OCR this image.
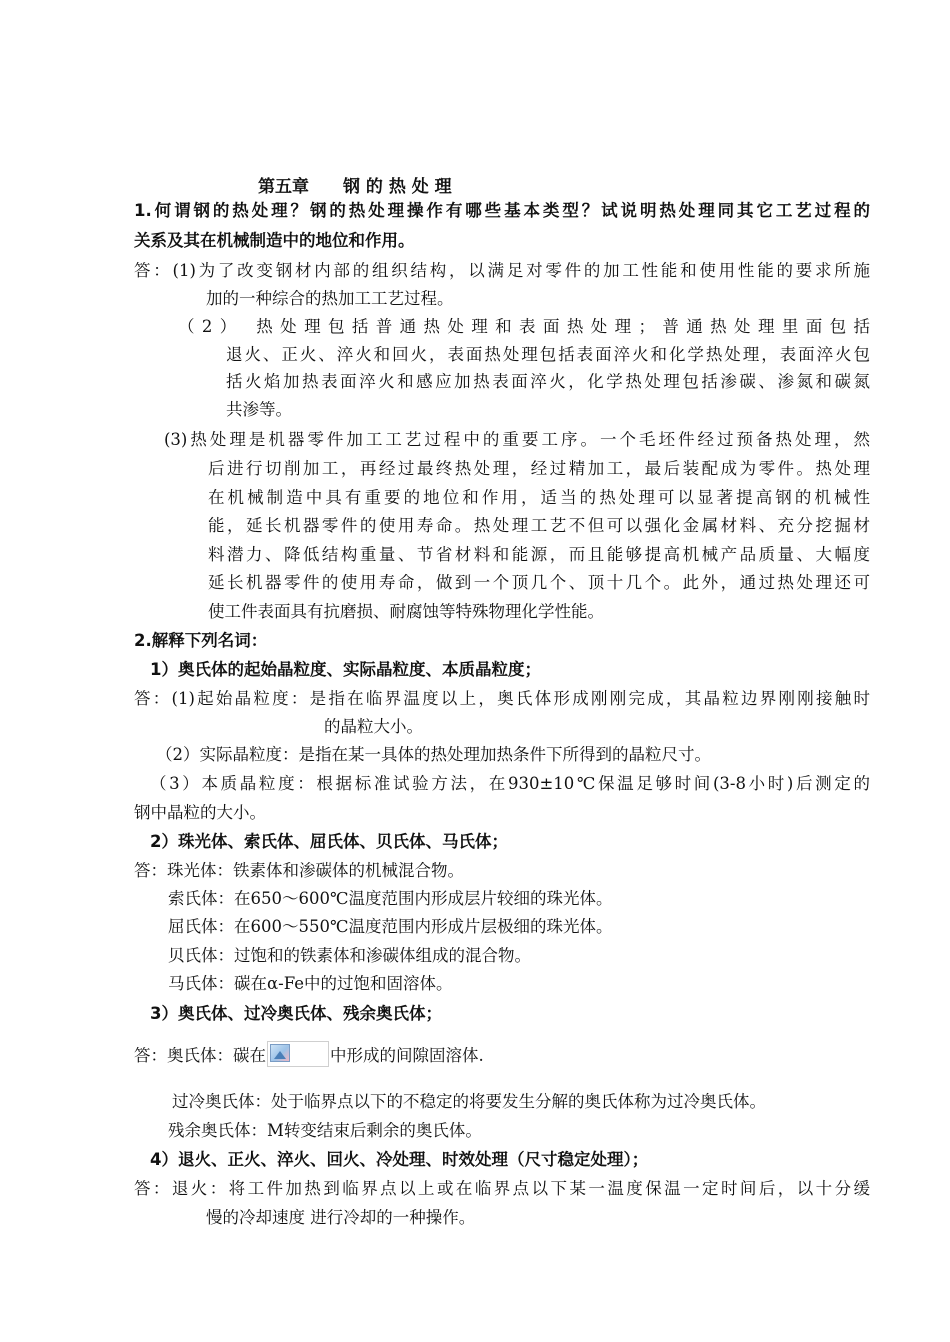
第五章 钢 的 热 处 理
1.何谓钢的热处理？钢的热处理操作有哪些基本类型？试说明热处理同其它工艺过程的
关系及其在机械制造中的地位和作用。
答：(1)为了改变钢材内部的组织结构，以满足对零件的加工性能和使用性能的要求所施
加的一种综合的热加工工艺过程。
（2） 热处理包括普通热处理和表面热处理；普通热处理里面包括
退火、正火、淬火和回火，表面热处理包括表面淬火和化学热处理，表面淬火包
括火焰加热表面淬火和感应加热表面淬火，化学热处理包括渗碳、渗氮和碳氮
共渗等。
(3)热处理是机器零件加工工艺过程中的重要工序。一个毛坯件经过预备热处理，然
后进行切削加工，再经过最终热处理，经过精加工，最后装配成为零件。热处理
在机械制造中具有重要的地位和作用，适当的热处理可以显著提高钢的机械性
能，延长机器零件的使用寿命。热处理工艺不但可以强化金属材料、充分挖掘材
料潜力、降低结构重量、节省材料和能源，而且能够提高机械产品质量、大幅度
延长机器零件的使用寿命，做到一个顶几个、顶十几个。此外，通过热处理还可
使工件表面具有抗磨损、耐腐蚀等特殊物理化学性能。
2.解释下列名词：
1）奥氏体的起始晶粒度、实际晶粒度、本质晶粒度；
答：(1)起始晶粒度：是指在临界温度以上，奥氏体形成刚刚完成，其晶粒边界刚刚接触时
的晶粒大小。
（2）实际晶粒度：是指在某一具体的热处理加热条件下所得到的晶粒尺寸。
（3）本质晶粒度：根据标准试验方法，在930±10℃保温足够时间(3-8小时)后测定的
钢中晶粒的大小。
2）珠光体、索氏体、屈氏体、贝氏体、马氏体；
答：珠光体：铁素体和渗碳体的机械混合物。
索氏体：在650～600℃温度范围内形成层片较细的珠光体。
屈氏体：在600～550℃温度范围内形成片层极细的珠光体。
贝氏体：过饱和的铁素体和渗碳体组成的混合物。
马氏体：碳在α-Fe中的过饱和固溶体。
3）奥氏体、过冷奥氏体、残余奥氏体；
答：奥氏体：碳在	中形成的间隙固溶体.
过冷奥氏体：处于临界点以下的不稳定的将要发生分解的奥氏体称为过冷奥氏体。
残余奥氏体：M转变结束后剩余的奥氏体。
4）退火、正火、淬火、回火、冷处理、时效处理（尺寸稳定处理）；
答：退火：将工件加热到临界点以上或在临界点以下某一温度保温一定时间后，以十分缓
慢的冷却速度 进行冷却的一种操作。
